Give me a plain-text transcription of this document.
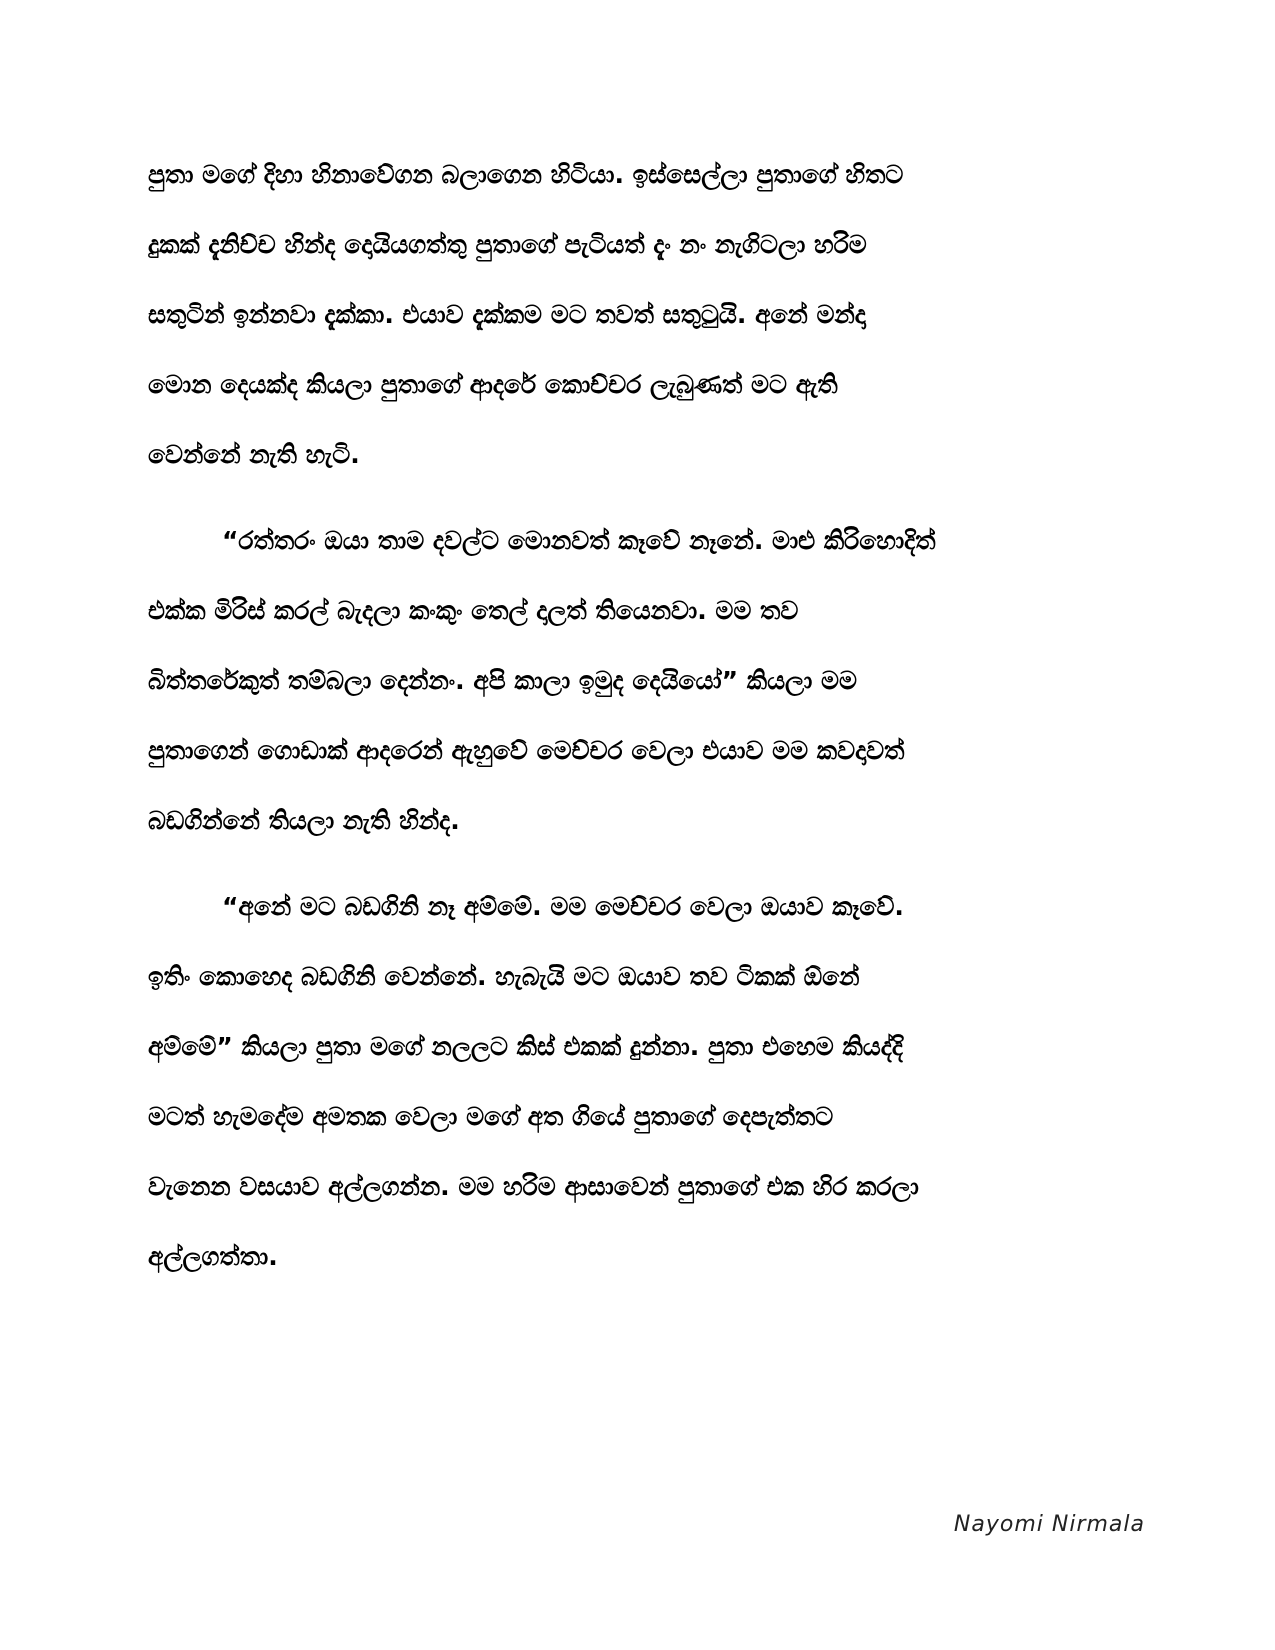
පුතා මගේ දිහා හිනාවේගන බලාගෙන හිටියා. ඉස්සෙල්ලා පුතාගේ හිතට
දුකක් දැනිච්ච හින්ද දොයියගත්තු පුතාගේ පැටියත් දැං නං නැගිටලා හරිම
සතුටින් ඉන්නවා දැක්කා. එයාව දැක්කම මට තවත් සතුටුයි. අනේ මන්දා
මොන දෙයක්ද කියලා පුතාගේ ආදරේ කොච්චර ලැබුණත් මට ඇති
වෙන්නේ නැති හැටි.

“රත්තරං ඔයා තාම දවල්ට මොනවත් කෑවේ නෑනේ. මාළු කිරිහොදිත්
එක්ක මිරිස් කරල් බැදලා කංකුං තෙල් දාලත් තියෙනවා. මම තව
බිත්තරේකුත් තම්බලා දෙන්නං. අපි කාලා ඉමුද දෙයියෝ” කියලා මම
පුතාගෙන් ගොඩාක් ආදරෙන් ඇහුවේ මෙච්චර වෙලා එයාව මම කවදාවත්
බඩගින්නේ තියලා නැති හින්ද.

“අනේ මට බඩගිනි නෑ අම්මේ. මම මෙච්චර වෙලා ඔයාව කෑවේ.
ඉතිං කොහෙද බඩගිනි වෙන්නේ. හැබැයි මට ඔයාව තව ටිකක් ඕනේ
අම්මේ” කියලා පුතා මගේ නලලට කිස් එකක් දුන්නා. පුතා එහෙම කියද්දි
මටත් හැමදේම අමතක වෙලා මගේ අත ගියේ පුතාගේ දෙපැත්තට
වැනෙන වසයාව අල්ලගන්න. මම හරිම ආසාවෙන් පුතාගේ එක හිර කරලා
අල්ලගත්තා.

Nayomi Nirmala
